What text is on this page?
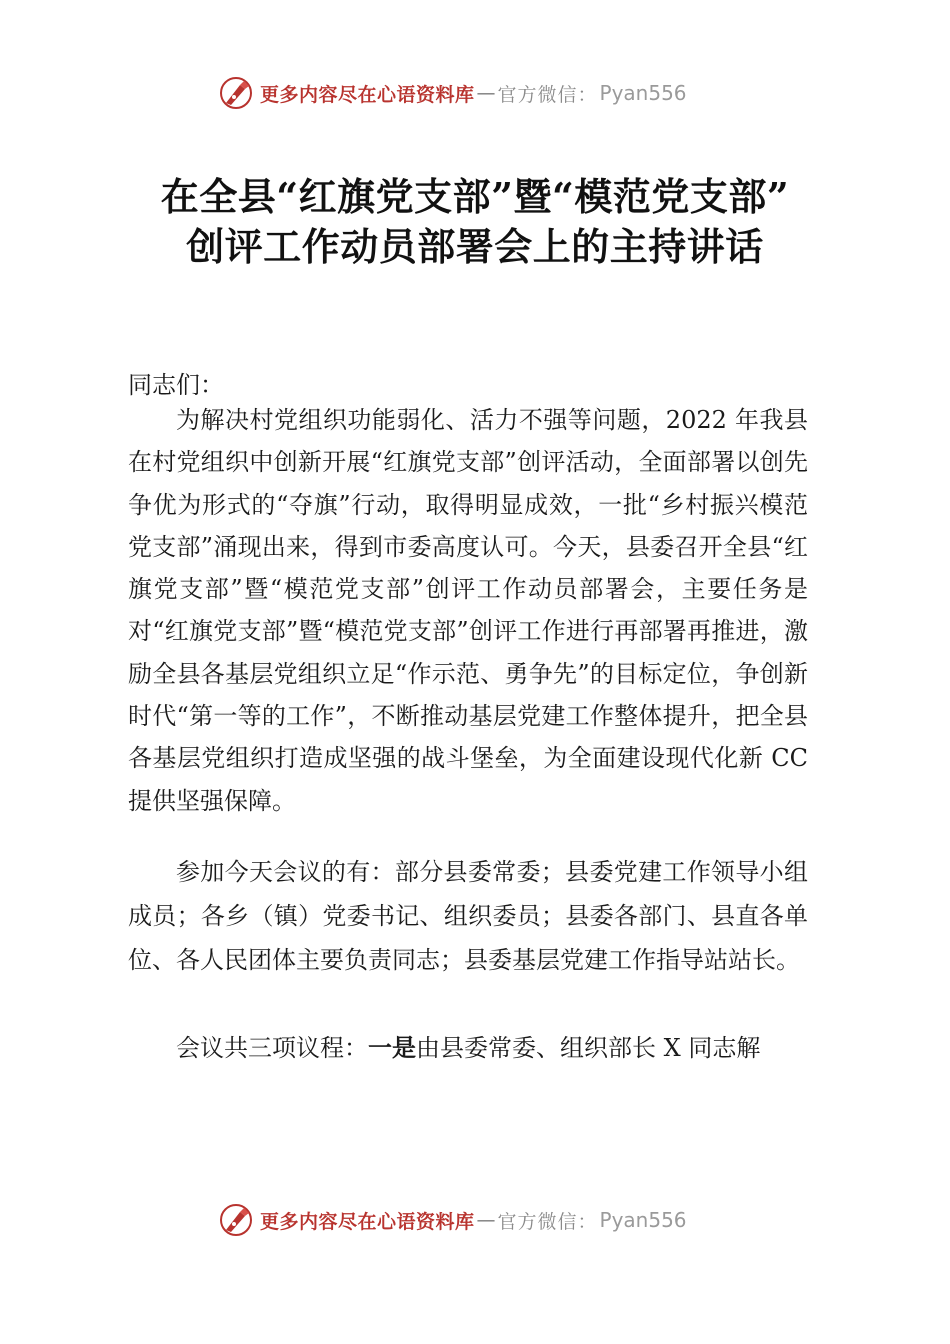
更多内容尽在心语资料库 — 官方微信： Pyan556
在全县“红旗党支部”暨“模范党支部”
创评工作动员部署会上的主持讲话
同志们：

为解决村党组织功能弱化、活力不强等问题，2022 年我县在村党组织中创新开展“红旗党支部”创评活动，全面部署以创先争优为形式的“夺旗”行动，取得明显成效，一批“乡村振兴模范党支部”涌现出来，得到市委高度认可。今天，县委召开全县“红旗党支部”暨“模范党支部”创评工作动员部署会，主要任务是对“红旗党支部”暨“模范党支部”创评工作进行再部署再推进，激励全县各基层党组织立足“作示范、勇争先”的目标定位，争创新时代“第一等的工作”，不断推动基层党建工作整体提升，把全县各基层党组织打造成坚强的战斗堡垒，为全面建设现代化新 CC 提供坚强保障。

参加今天会议的有：部分县委常委；县委党建工作领导小组成员；各乡（镇）党委书记、组织委员；县委各部门、县直各单位、各人民团体主要负责同志；县委基层党建工作指导站站长。

会议共三项议程：一是由县委常委、组织部长 X 同志解

更多内容尽在心语资料库 — 官方微信： Pyan556
